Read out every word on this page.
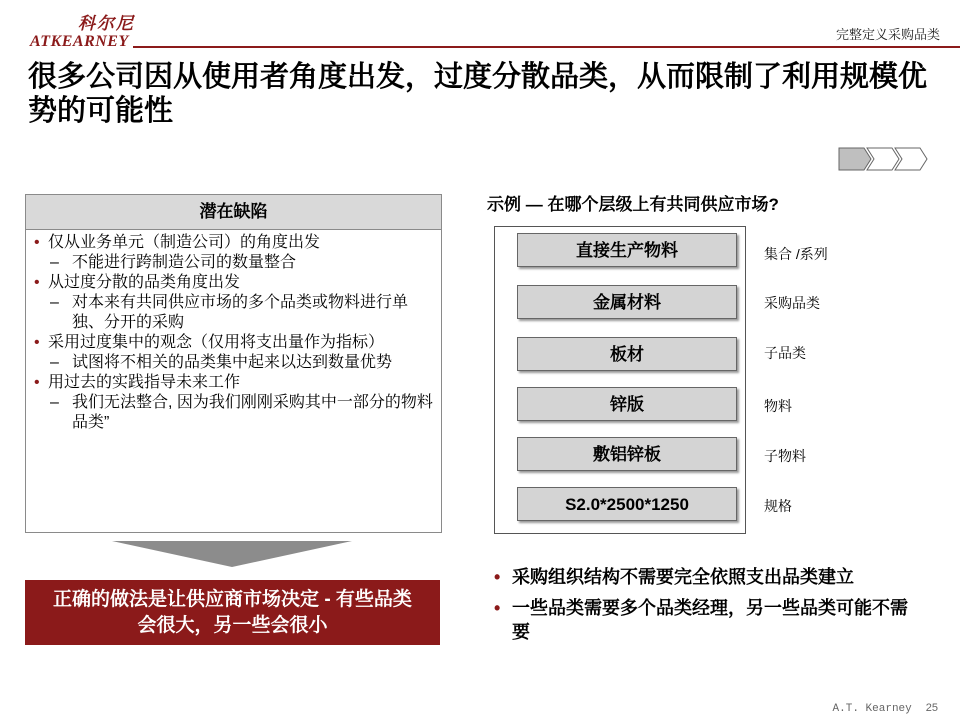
科尔尼
ATKEARNEY	完整定义采购品类
很多公司因从使用者角度出发，过度分散品类，从而限制了利用规模优势的可能性
潜在缺陷
• 仅从业务单元（制造公司）的角度出发
– 不能进行跨制造公司的数量整合
• 从过度分散的品类角度出发
– 对本来有共同供应市场的多个品类或物料进行单独、分开的采购
• 采用过度集中的观念（仅用将支出量作为指标）
– 试图将不相关的品类集中起来以达到数量优势
• 用过去的实践指导未来工作
– 我们无法整合, 因为我们刚刚采购其中一部分的物料品类”
正确的做法是让供应商市场决定 - 有些品类会很大，另一些会很小
示例 — 在哪个层级上有共同供应市场?
直接生产物料
金属材料
板材
锌版
敷铝锌板
S2.0*2500*1250
集合 /系列
采购品类
子品类
物料
子物料
规格
• 采购组织结构不需要完全依照支出品类建立
• 一些品类需要多个品类经理，另一些品类可能不需要
A.T. Kearney 25
